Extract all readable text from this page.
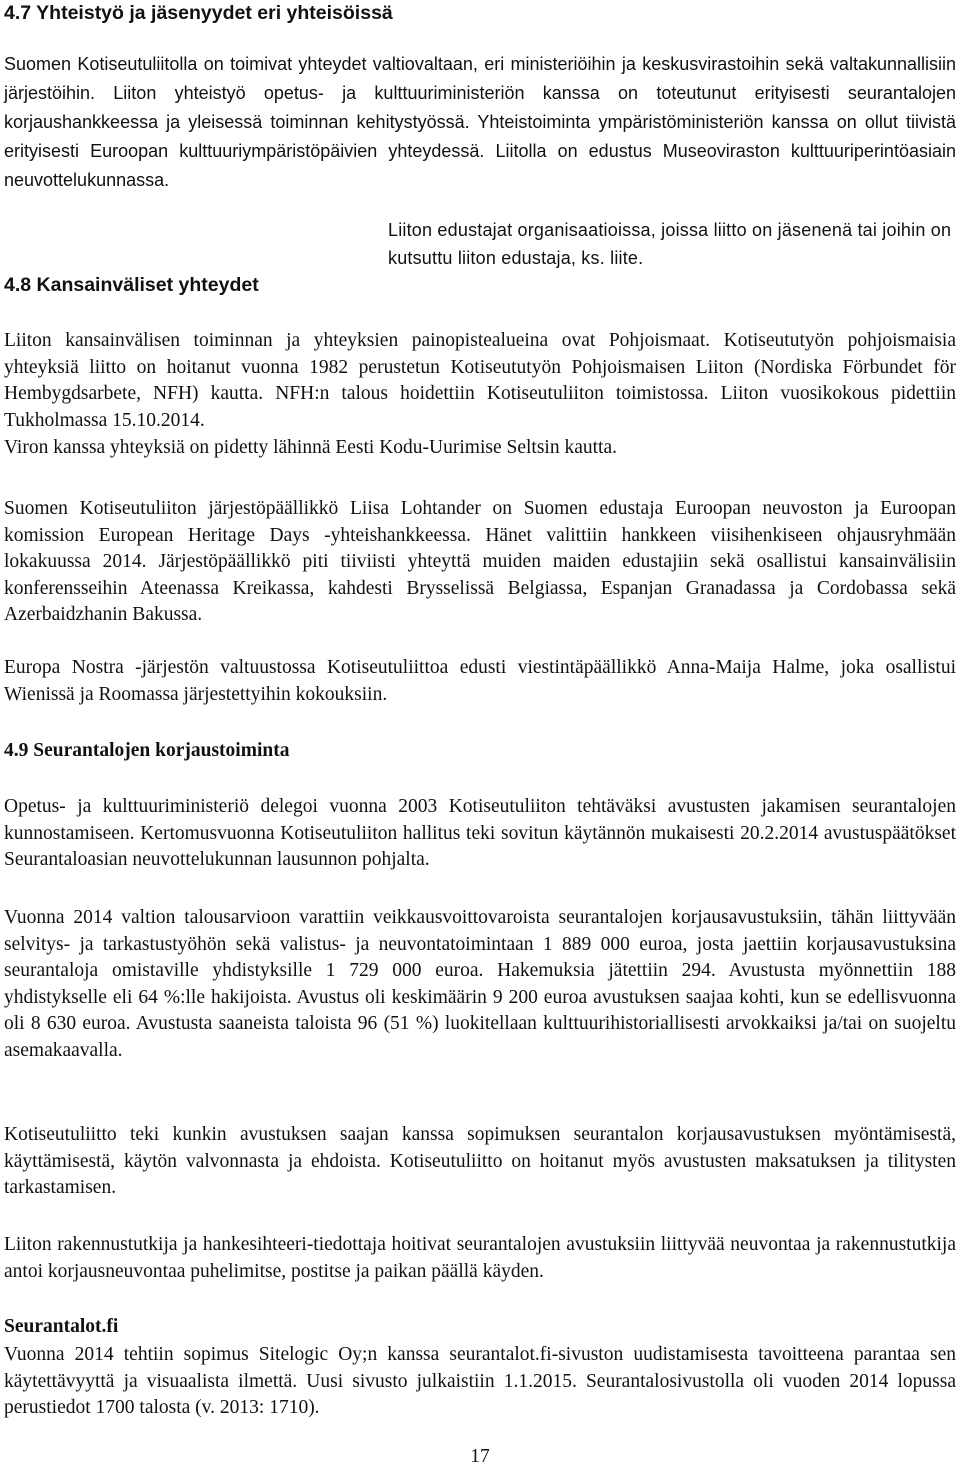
4.7 Yhteistyö ja jäsenyydet eri yhteisöissä

Suomen Kotiseutuliitolla on toimivat yhteydet valtiovaltaan, eri ministeriöihin ja keskusvirastoihin sekä valtakunnallisiin järjestöihin. Liiton yhteistyö opetus- ja kulttuuriministeriön kanssa on toteutunut erityisesti seurantalojen korjaushankkeessa ja yleisessä toiminnan kehitystyössä. Yhteistoiminta ympäristöministeriön kanssa on ollut tiivistä erityisesti Euroopan kulttuuriympäristöpäivien yhteydessä. Liitolla on edustus Museoviraston kulttuuriperintöasiain neuvottelukunnassa.

Liiton edustajat organisaatioissa, joissa liitto on jäsenenä tai joihin on kutsuttu liiton edustaja, ks. liite.

4.8 Kansainväliset yhteydet

Liiton kansainvälisen toiminnan ja yhteyksien painopistealueina ovat Pohjoismaat. Kotiseututyön pohjoismaisia yhteyksiä liitto on hoitanut vuonna 1982 perustetun Kotiseututyön Pohjoismaisen Liiton (Nordiska Förbundet för Hembygdsarbete, NFH) kautta. NFH:n talous hoidettiin Kotiseutuliiton toimistossa. Liiton vuosikokous pidettiin Tukholmassa 15.10.2014.

Viron kanssa yhteyksiä on pidetty lähinnä Eesti Kodu-Uurimise Seltsin kautta.

Suomen Kotiseutuliiton järjestöpäällikkö Liisa Lohtander on Suomen edustaja Euroopan neuvoston ja Euroopan komission European Heritage Days -yhteishankkeessa. Hänet valittiin hankkeen viisihenkiseen ohjausryhmään lokakuussa 2014. Järjestöpäällikkö piti tiiviisti yhteyttä muiden maiden edustajiin sekä osallistui kansainvälisiin konferensseihin Ateenassa Kreikassa, kahdesti Brysselissä Belgiassa, Espanjan Granadassa ja Cordobassa sekä Azerbaidzhanin Bakussa.

Europa Nostra -järjestön valtuustossa Kotiseutuliittoa edusti viestintäpäällikkö Anna-Maija Halme, joka osallistui Wienissä ja Roomassa järjestettyihin kokouksiin.

4.9 Seurantalojen korjaustoiminta

Opetus- ja kulttuuriministeriö delegoi vuonna 2003 Kotiseutuliiton tehtäväksi avustusten jakamisen seurantalojen kunnostamiseen. Kertomusvuonna Kotiseutuliiton hallitus teki sovitun käytännön mukaisesti 20.2.2014 avustuspäätökset Seurantaloasian neuvottelukunnan lausunnon pohjalta.

Vuonna 2014 valtion talousarvioon varattiin veikkausvoittovaroista seurantalojen korjausavustuksiin, tähän liittyvään selvitys- ja tarkastustyöhön sekä valistus- ja neuvontatoimintaan 1 889 000 euroa, josta jaettiin korjausavustuksina seurantaloja omistaville yhdistyksille 1 729 000 euroa. Hakemuksia jätettiin 294. Avustusta myönnettiin 188 yhdistykselle eli 64 %:lle hakijoista. Avustus oli keskimäärin 9 200 euroa avustuksen saajaa kohti, kun se edellisvuonna oli 8 630 euroa. Avustusta saaneista taloista 96 (51 %) luokitellaan kulttuurihistoriallisesti arvokkaiksi ja/tai on suojeltu asemakaavalla.

Kotiseutuliitto teki kunkin avustuksen saajan kanssa sopimuksen seurantalon korjausavustuksen myöntämisestä, käyttämisestä, käytön valvonnasta ja ehdoista. Kotiseutuliitto on hoitanut myös avustusten maksatuksen ja tilitysten tarkastamisen.

Liiton rakennustutkija ja hankesihteeri-tiedottaja hoitivat seurantalojen avustuksiin liittyvää neuvontaa ja rakennustutkija antoi korjausneuvontaa puhelimitse, postitse ja paikan päällä käyden.

Seurantalot.fi

Vuonna 2014 tehtiin sopimus Sitelogic Oy;n kanssa seurantalot.fi-sivuston uudistamisesta tavoitteena parantaa sen käytettävyyttä ja visuaalista ilmettä. Uusi sivusto julkaistiin 1.1.2015. Seurantalosivustolla oli vuoden 2014 lopussa perustiedot 1700 talosta (v. 2013: 1710).

17
